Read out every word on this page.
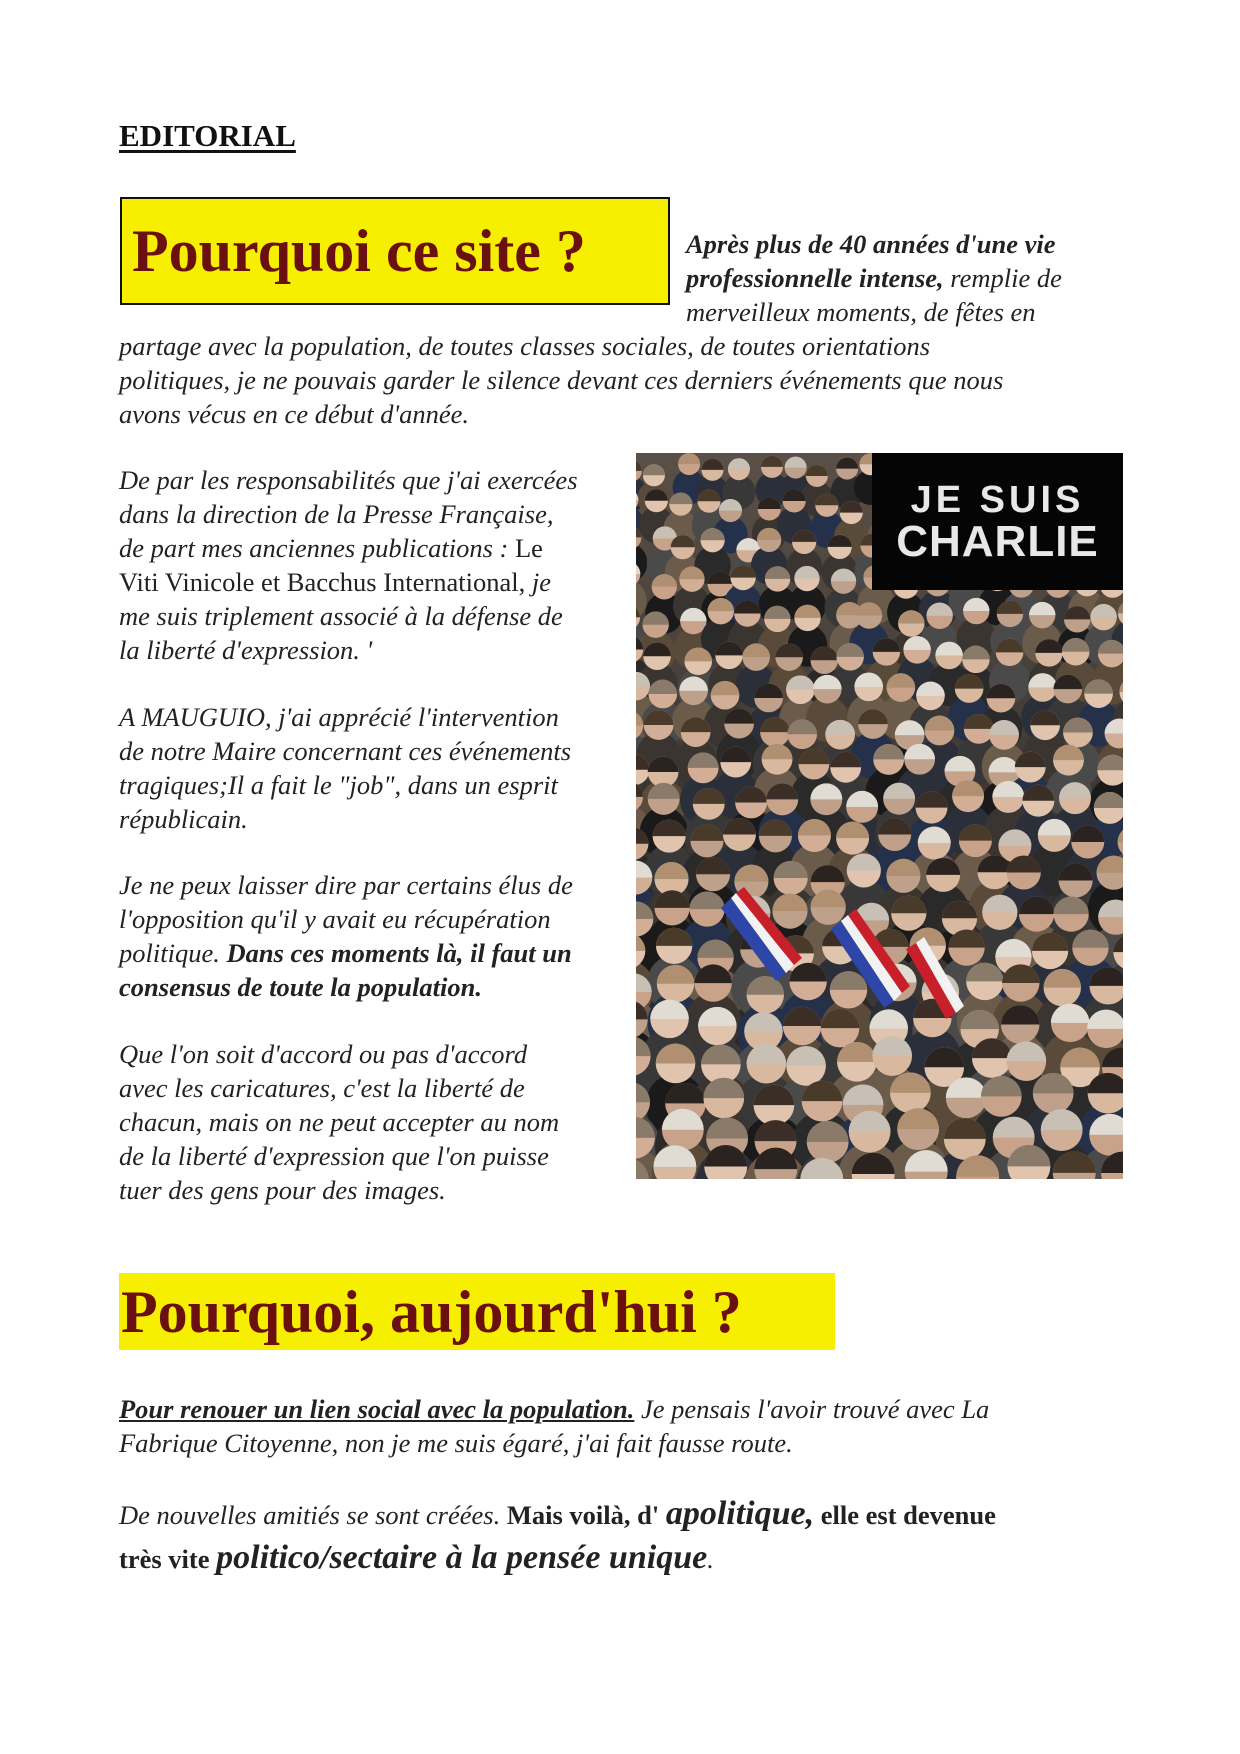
EDITORIAL
Pourquoi ce site ?	Après plus de 40 années d'une vie
professionnelle intense, remplie de
merveilleux moments, de fêtes en
partage avec la population, de toutes classes sociales, de toutes orientations
politiques, je ne pouvais garder le silence devant ces derniers événements que nous
avons vécus en ce début d'année.
De par les responsabilités que j'ai exercées
dans la direction de la Presse Française,
de part mes anciennes publications : Le
Viti Vinicole et Bacchus International, je
me suis triplement associé à la défense de
la liberté d'expression. '
A MAUGUIO, j'ai apprécié l'intervention
de notre Maire concernant ces événements
tragiques;Il a fait le "job", dans un esprit
républicain.
Je ne peux laisser dire par certains élus de
l'opposition qu'il y avait eu récupération
politique. Dans ces moments là, il faut un
consensus de toute la population.
Que l'on soit d'accord ou pas d'accord
avec les caricatures, c'est la liberté de
chacun, mais on ne peut accepter au nom
de la liberté d'expression que l'on puisse
tuer des gens pour des images.
JE SUIS
CHARLIE
Pourquoi, aujourd'hui ?
Pour renouer un lien social avec la population. Je pensais l'avoir trouvé avec La
Fabrique Citoyenne, non je me suis égaré, j'ai fait fausse route.
De nouvelles amitiés se sont créées. Mais voilà, d' apolitique, elle est devenue
très vite politico/sectaire à la pensée unique.
